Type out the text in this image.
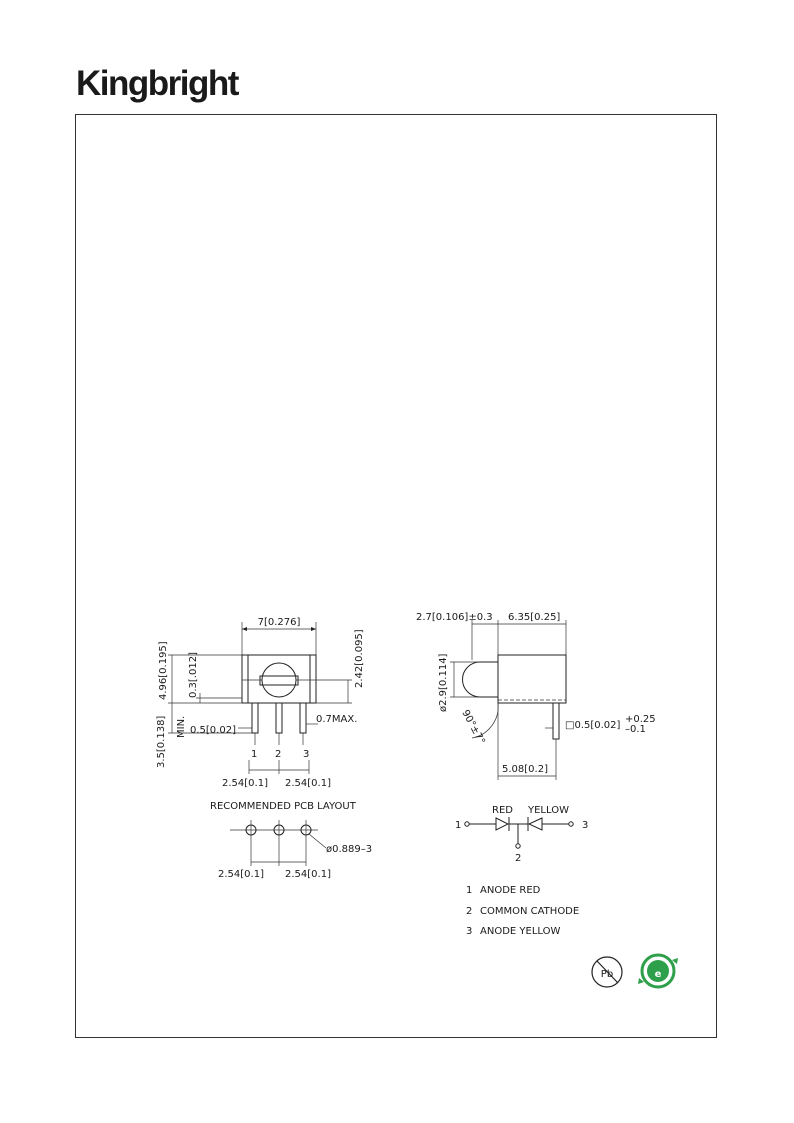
Kingbright
7[0.276]
4.96[0.195] 0.3[.012]
3.5[0.138] MIN. 0.5[0.02]
2.42[0.095]
0.7MAX.
1 2 3
2.54[0.1] 2.54[0.1]
RECOMMENDED PCB LAYOUT
ø0.889–3
2.54[0.1] 2.54[0.1]
2.7[0.106]±0.3 6.35[0.25]
ø2.9[0.114]
90°±7°	□0.5[0.02]
+0.25
–0.1
5.08[0.2]
RED YELLOW
1	3
2
1 ANODE RED
2 COMMON CATHODE
3 ANODE YELLOW
Pb	e
